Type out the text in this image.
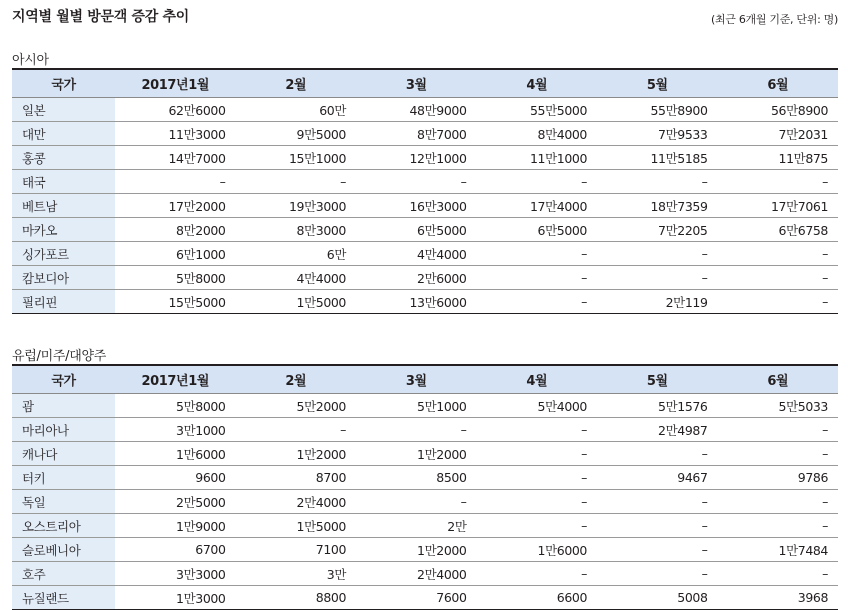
지역별 월별 방문객 증감 추이	(최근 6개월 기준, 단위: 명)
아시아
국가	2017년1월	2월	3월	4월	5월	6월
일본	62만6000	60만	48만9000	55만5000	55만8900	56만8900
대만	11만3000	9만5000	8만7000	8만4000	7만9533	7만2031
홍콩	14만7000	15만1000	12만1000	11만1000	11만5185	11만875
태국	–	–	–	–	–	–
베트남	17만2000	19만3000	16만3000	17만4000	18만7359	17만7061
마카오	8만2000	8만3000	6만5000	6만5000	7만2205	6만6758
싱가포르	6만1000	6만	4만4000	–	–	–
캄보디아	5만8000	4만4000	2만6000	–	–	–
필리핀	15만5000	1만5000	13만6000	–	2만119	–
유럽/미주/대양주
국가	2017년1월	2월	3월	4월	5월	6월
괌	5만8000	5만2000	5만1000	5만4000	5만1576	5만5033
마리아나	3만1000	–	–	–	2만4987	–
캐나다	1만6000	1만2000	1만2000	–	–	–
터키	9600	8700	8500	–	9467	9786
독일	2만5000	2만4000	–	–	–	–
오스트리아	1만9000	1만5000	2만	–	–	–
슬로베니아	6700	7100	1만2000	1만6000	–	1만7484
호주	3만3000	3만	2만4000	–	–	–
뉴질랜드	1만3000	8800	7600	6600	5008	3968
